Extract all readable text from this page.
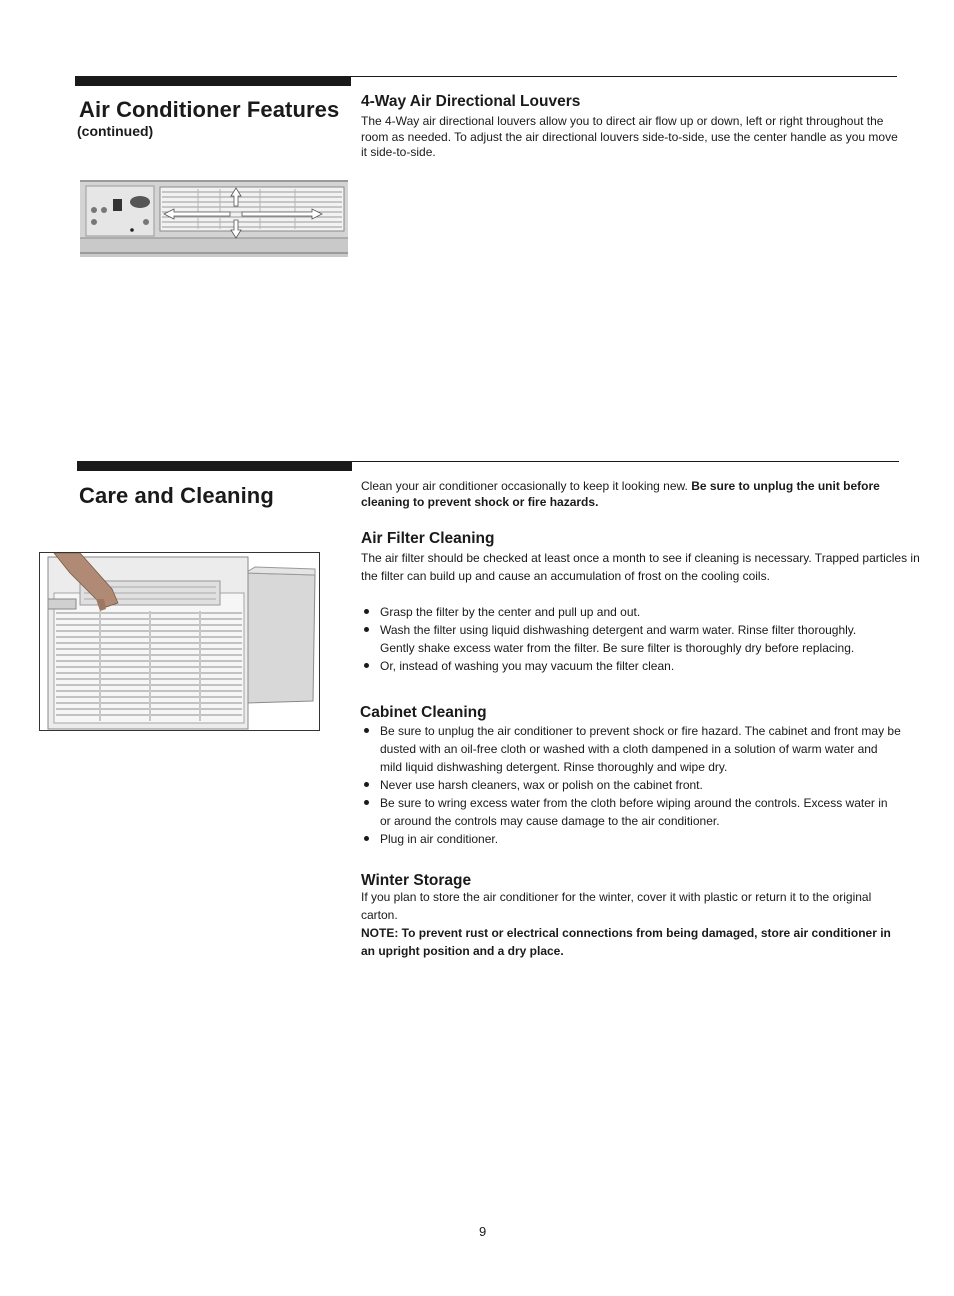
Air Conditioner Features
(continued)
4-Way Air Directional Louvers

The 4-Way air directional louvers allow you to direct air flow up or down, left or right throughout the room as needed. To adjust the air directional louvers side-to-side, use the center handle as you move it side-to-side.

Care and Cleaning	Clean your air conditioner occasionally to keep it looking new. Be sure to unplug the unit before cleaning to prevent shock or fire hazards.

Air Filter Cleaning

The air filter should be checked at least once a month to see if cleaning is necessary. Trapped particles in the filter can build up and cause an accumulation of frost on the cooling coils.

Grasp the filter by the center and pull up and out.
Wash the filter using liquid dishwashing detergent and warm water. Rinse filter thoroughly. Gently shake excess water from the filter. Be sure filter is thoroughly dry before replacing.
Or, instead of washing you may vacuum the filter clean.
Cabinet Cleaning
Be sure to unplug the air conditioner to prevent shock or fire hazard. The cabinet and front may be dusted with an oil-free cloth or washed with a cloth dampened in a solution of warm water and mild liquid dishwashing detergent. Rinse thoroughly and wipe dry.
Never use harsh cleaners, wax or polish on the cabinet front.
Be sure to wring excess water from the cloth before wiping around the controls. Excess water in or around the controls may cause damage to the air conditioner.
Plug in air conditioner.
Winter Storage

If you plan to store the air conditioner for the winter, cover it with plastic or return it to the original carton.

NOTE: To prevent rust or electrical connections from being damaged, store air conditioner in an upright position and a dry place.

9
